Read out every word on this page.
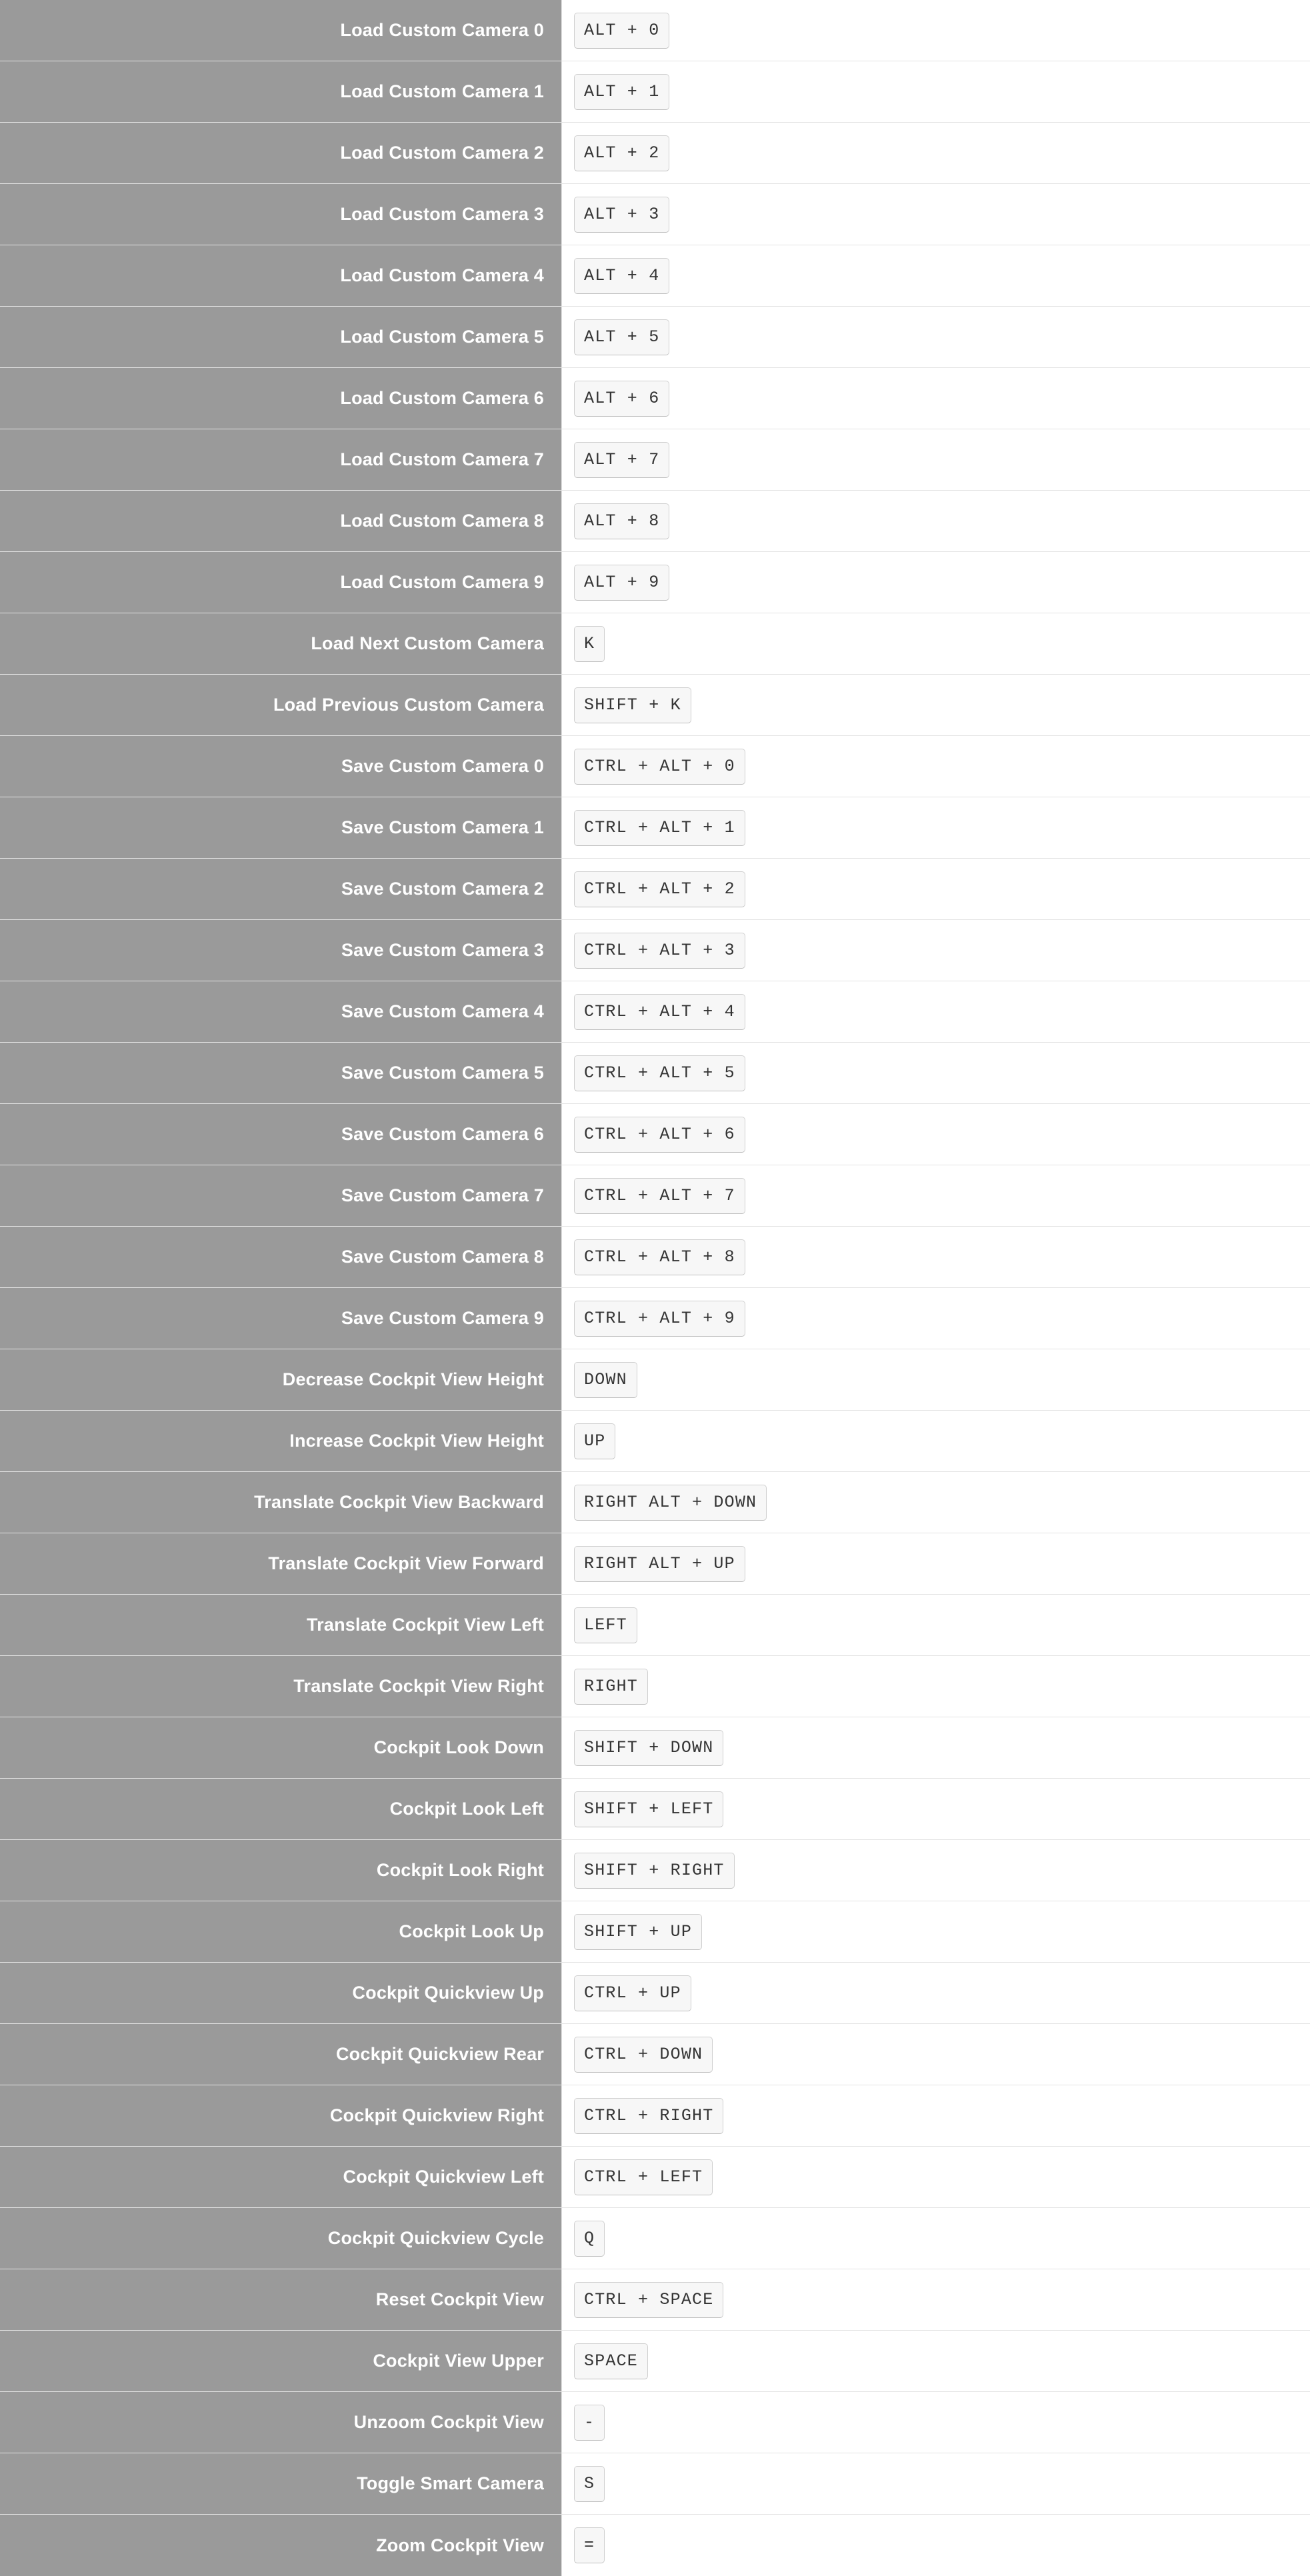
Load Custom Camera 0	ALT + 0
Load Custom Camera 1	ALT + 1
Load Custom Camera 2	ALT + 2
Load Custom Camera 3	ALT + 3
Load Custom Camera 4	ALT + 4
Load Custom Camera 5	ALT + 5
Load Custom Camera 6	ALT + 6
Load Custom Camera 7	ALT + 7
Load Custom Camera 8	ALT + 8
Load Custom Camera 9	ALT + 9
Load Next Custom Camera	K
Load Previous Custom Camera	SHIFT + K
Save Custom Camera 0	CTRL + ALT + 0
Save Custom Camera 1	CTRL + ALT + 1
Save Custom Camera 2	CTRL + ALT + 2
Save Custom Camera 3	CTRL + ALT + 3
Save Custom Camera 4	CTRL + ALT + 4
Save Custom Camera 5	CTRL + ALT + 5
Save Custom Camera 6	CTRL + ALT + 6
Save Custom Camera 7	CTRL + ALT + 7
Save Custom Camera 8	CTRL + ALT + 8
Save Custom Camera 9	CTRL + ALT + 9
Decrease Cockpit View Height	DOWN
Increase Cockpit View Height	UP
Translate Cockpit View Backward	RIGHT ALT + DOWN
Translate Cockpit View Forward	RIGHT ALT + UP
Translate Cockpit View Left	LEFT
Translate Cockpit View Right	RIGHT
Cockpit Look Down	SHIFT + DOWN
Cockpit Look Left	SHIFT + LEFT
Cockpit Look Right	SHIFT + RIGHT
Cockpit Look Up	SHIFT + UP
Cockpit Quickview Up	CTRL + UP
Cockpit Quickview Rear	CTRL + DOWN
Cockpit Quickview Right	CTRL + RIGHT
Cockpit Quickview Left	CTRL + LEFT
Cockpit Quickview Cycle	Q
Reset Cockpit View	CTRL + SPACE
Cockpit View Upper	SPACE
Unzoom Cockpit View	-
Toggle Smart Camera	S
Zoom Cockpit View	=
